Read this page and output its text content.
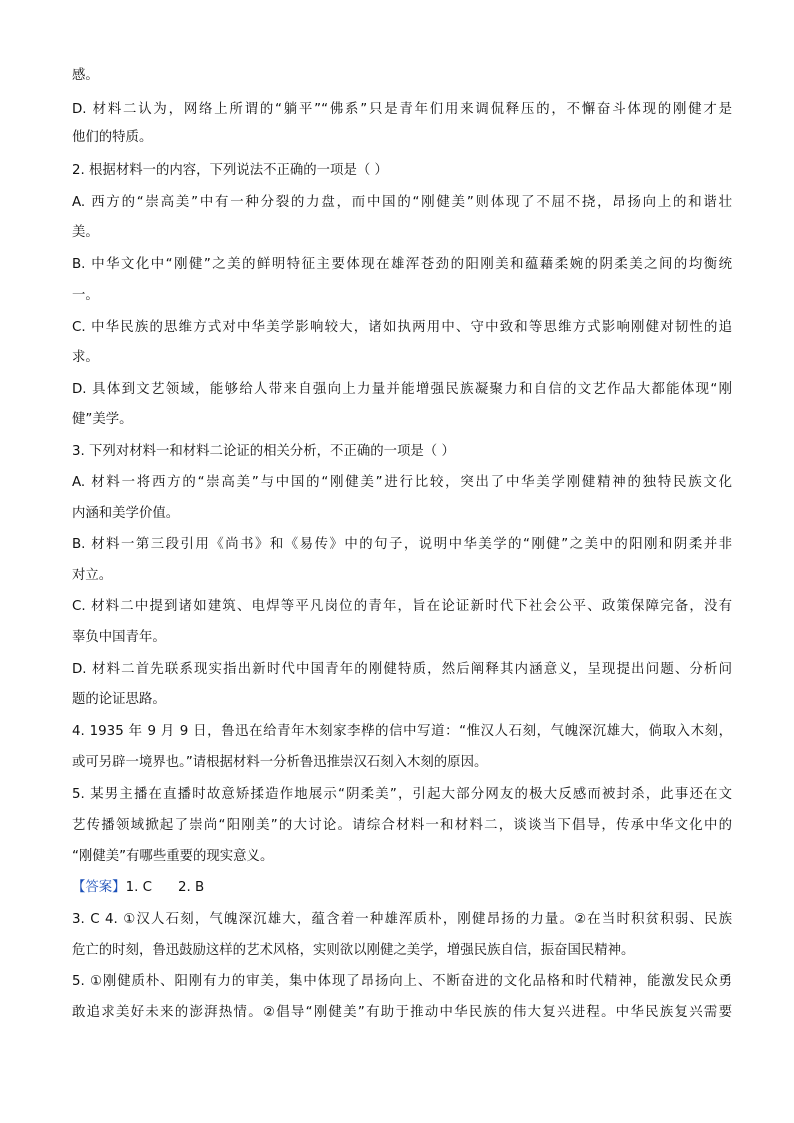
感。
D. 材料二认为，网络上所谓的“躺平”“佛系”只是青年们用来调侃释压的，不懈奋斗体现的刚健才是
他们的特质。
2. 根据材料一的内容，下列说法不正确的一项是（ ）
A. 西方的“崇高美”中有一种分裂的力盘，而中国的“刚健美”则体现了不屈不挠，昂扬向上的和谐壮
美。
B. 中华文化中“刚健”之美的鲜明特征主要体现在雄浑苍劲的阳刚美和蕴藉柔婉的阴柔美之间的均衡统
一。
C. 中华民族的思维方式对中华美学影响较大，诸如执两用中、守中致和等思维方式影响刚健对韧性的追
求。
D. 具体到文艺领域，能够给人带来自强向上力量并能增强民族凝聚力和自信的文艺作品大都能体现“刚
健”美学。
3. 下列对材料一和材料二论证的相关分析，不正确的一项是（ ）
A. 材料一将西方的“崇高美”与中国的“刚健美”进行比较，突出了中华美学刚健精神的独特民族文化
内涵和美学价值。
B. 材料一第三段引用《尚书》和《易传》中的句子，说明中华美学的“刚健”之美中的阳刚和阴柔并非
对立。
C. 材料二中提到诸如建筑、电焊等平凡岗位的青年，旨在论证新时代下社会公平、政策保障完备，没有
辜负中国青年。
D. 材料二首先联系现实指出新时代中国青年的刚健特质，然后阐释其内涵意义，呈现提出问题、分析问
题的论证思路。
4. 1935 年 9 月 9 日，鲁迅在给青年木刻家李桦的信中写道：“惟汉人石刻，气魄深沉雄大，倘取入木刻，
或可另辟一境界也。”请根据材料一分析鲁迅推崇汉石刻入木刻的原因。
5. 某男主播在直播时故意矫揉造作地展示“阴柔美”，引起大部分网友的极大反感而被封杀，此事还在文
艺传播领域掀起了崇尚“阳刚美”的大讨论。请综合材料一和材料二，谈谈当下倡导，传承中华文化中的
“刚健美”有哪些重要的现实意义。
【答案】1. C 2. B
3. C 4. ①汉人石刻，气魄深沉雄大，蕴含着一种雄浑质朴，刚健昂扬的力量。②在当时积贫积弱、民族
危亡的时刻，鲁迅鼓励这样的艺术风格，实则欲以刚健之美学，增强民族自信，振奋国民精神。
5. ①刚健质朴、阳刚有力的审美，集中体现了昂扬向上、不断奋进的文化品格和时代精神，能激发民众勇
敢追求美好未来的澎湃热情。②倡导“刚健美”有助于推动中华民族的伟大复兴进程。中华民族复兴需要
